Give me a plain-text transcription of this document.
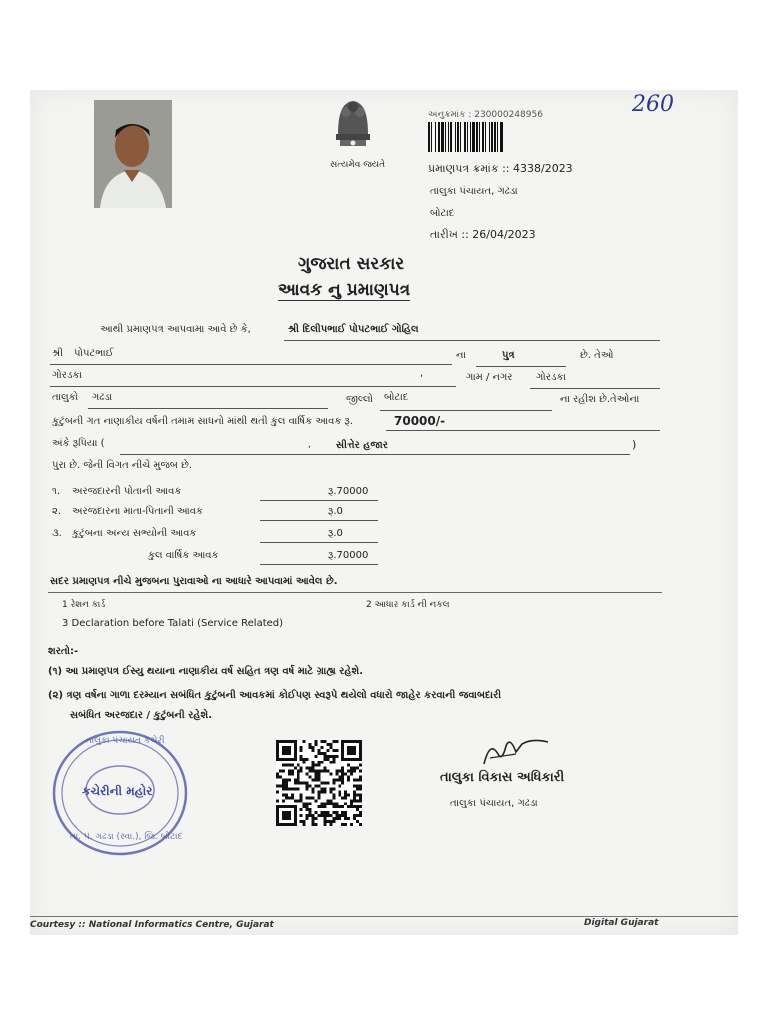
સત્યમેવ જયતે
અનુક્રમાંક : 230000248956	260
પ્રમાણપત્ર ક્રમાંક :: 4338/2023
તાલુકા પંચાયત, ગઢડા
બોટાદ
તારીખ :: 26/04/2023
ગુજરાત સરકાર
આવક નુ પ્રમાણપત્ર
આથી પ્રમાણપત્ર આપવામા આવે છે કે,	શ્રી દિલીપભાઈ પોપટભાઈ ગોહિલ
શ્રી પોપટભાઈ	ના	પુત્ર	છે. તેઓ
ગોરડકા	,	ગામ / નગર ગોરડકા
તાલુકો ગઢડા	જીલ્લો બોટાદ	ના રહીશ છે.તેઓના
કુટુંબની ગત નાણાકીય વર્ષની તમામ સાધનો માંથી થતી કુલ વાર્ષિક આવક રૂ.	70000/-
અંકે રૂપિયા (	,	સીત્તેર હજાર	)
પુરા છે. જેની વિગત નીચે મુજબ છે.
૧. અરજદારની પોતાની આવક	રૂ.70000
૨. અરજદારના માતા-પિતાની આવક	રૂ.0
૩. કુટુંબના અન્ય સભ્યોની આવક	રૂ.0
કુલ વાર્ષિક આવક	રૂ.70000
સદર પ્રમાણપત્ર નીચે મુજબના પુરાવાઓ ના આધારે આપવામાં આવેલ છે.
1 રેશન કાર્ડ	2 આધાર કાર્ડ ની નકલ
3 Declaration before Talati (Service Related)
શરતો:-
(૧) આ પ્રમાણપત્ર ઈસ્યુ થયાના નાણાકીય વર્ષ સહિત ત્રણ વર્ષ માટે ગ્રાહ્ય રહેશે.
(૨) ત્રણ વર્ષના ગાળા દરમ્યાન સબંધિત કુટુંબની આવકમાં કોઈપણ સ્વરૂપે થયેલો વધારો જાહેર કરવાની જવાબદારી
સબંધિત અરજદાર / કુટુંબની રહેશે.
તાલુકા પંચાયત કચેરી
કચેરીની મહોર
તા. પં. ગઢડા (સ્વા.), જિ. બોટાદ
તાલુકા વિકાસ અધિકારી
તાલુકા પંચાયત, ગઢડા
Courtesy :: National Informatics Centre, Gujarat	Digital Gujarat
